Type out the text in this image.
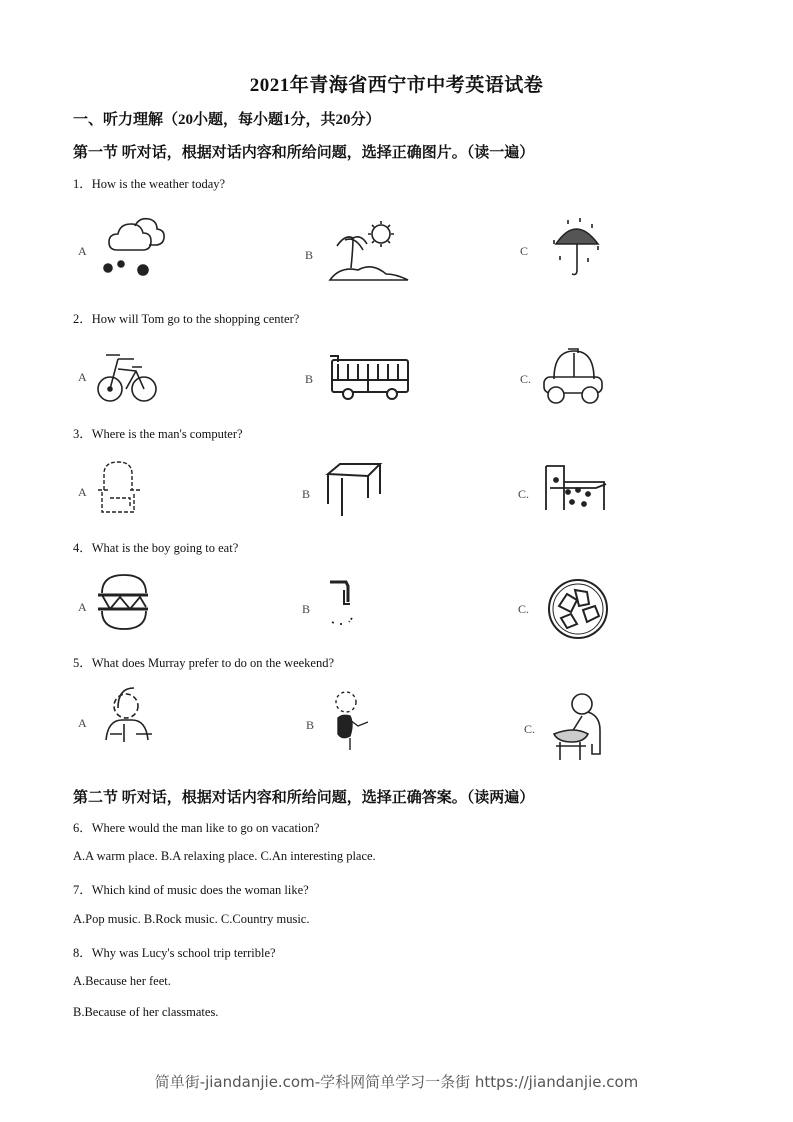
2021年青海省西宁市中考英语试卷
一、听力理解（20小题，每小题1分，共20分）
第一节 听对话，根据对话内容和所给问题，选择正确图片。（读一遍）
1．How is the weather today?
A	B	C
2．How will Tom go to the shopping center?
A	B	C.
3．Where is the man's computer?
A	B	C.
4．What is the boy going to eat?
A	B	C.
5．What does Murray prefer to do on the weekend?
A	B	C.
第二节 听对话，根据对话内容和所给问题，选择正确答案。（读两遍）
6．Where would the man like to go on vacation?
A.A warm place. B.A relaxing place. C.An interesting place.
7．Which kind of music does the woman like?
A.Pop music. B.Rock music. C.Country music.
8．Why was Lucy's school trip terrible?
A.Because her feet.
B.Because of her classmates.
简单街-jiandanjie.com-学科网简单学习一条街 https://jiandanjie.com
